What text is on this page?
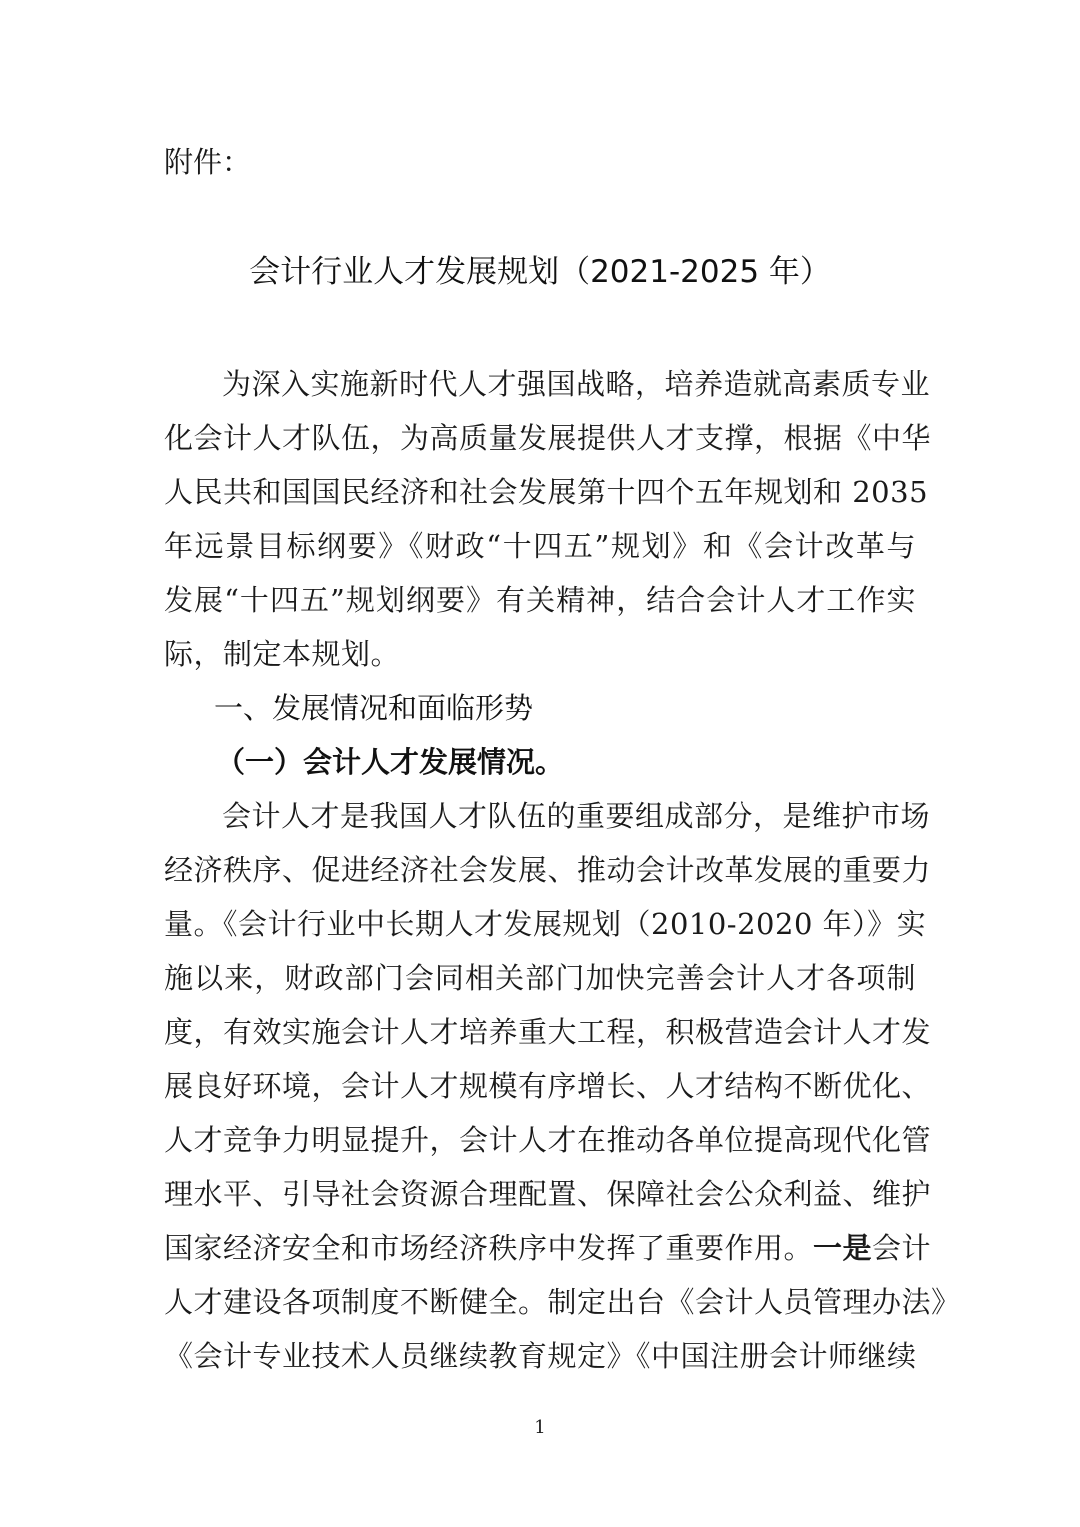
附件：
会计行业人才发展规划（2021-2025 年）
为深入实施新时代人才强国战略，培养造就高素质专业
化会计人才队伍，为高质量发展提供人才支撑，根据《中华
人民共和国国民经济和社会发展第十四个五年规划和 2035
年远景目标纲要》《财政“十四五”规划》和《会计改革与
发展“十四五”规划纲要》有关精神，结合会计人才工作实
际，制定本规划。
一、发展情况和面临形势
（一）会计人才发展情况。
会计人才是我国人才队伍的重要组成部分，是维护市场
经济秩序、促进经济社会发展、推动会计改革发展的重要力
量。《会计行业中长期人才发展规划（2010-2020 年）》实
施以来，财政部门会同相关部门加快完善会计人才各项制
度，有效实施会计人才培养重大工程，积极营造会计人才发
展良好环境，会计人才规模有序增长、人才结构不断优化、
人才竞争力明显提升，会计人才在推动各单位提高现代化管
理水平、引导社会资源合理配置、保障社会公众利益、维护
国家经济安全和市场经济秩序中发挥了重要作用。一是会计
人才建设各项制度不断健全。制定出台《会计人员管理办法》
《会计专业技术人员继续教育规定》《中国注册会计师继续
1
